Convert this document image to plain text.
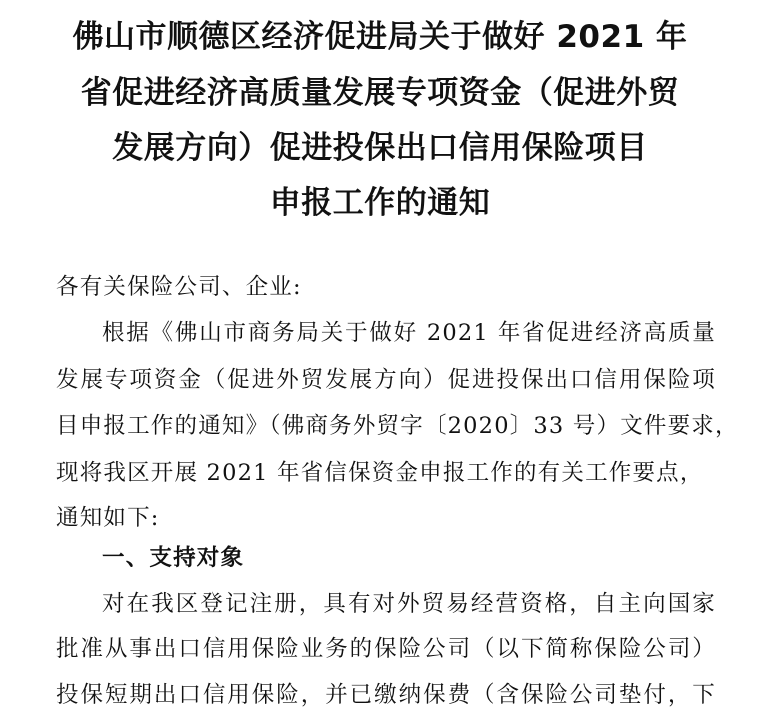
佛山市顺德区经济促进局关于做好 2021 年
省促进经济高质量发展专项资金（促进外贸
发展方向）促进投保出口信用保险项目
申报工作的通知
各有关保险公司、企业:
根据《佛山市商务局关于做好 2021 年省促进经济高质量
发展专项资金（促进外贸发展方向）促进投保出口信用保险项
目申报工作的通知》（佛商务外贸字〔2020〕33 号）文件要求，
现将我区开展 2021 年省信保资金申报工作的有关工作要点，
通知如下:
一、支持对象
对在我区登记注册，具有对外贸易经营资格，自主向国家
批准从事出口信用保险业务的保险公司（以下简称保险公司）
投保短期出口信用保险，并已缴纳保费（含保险公司垫付，下
